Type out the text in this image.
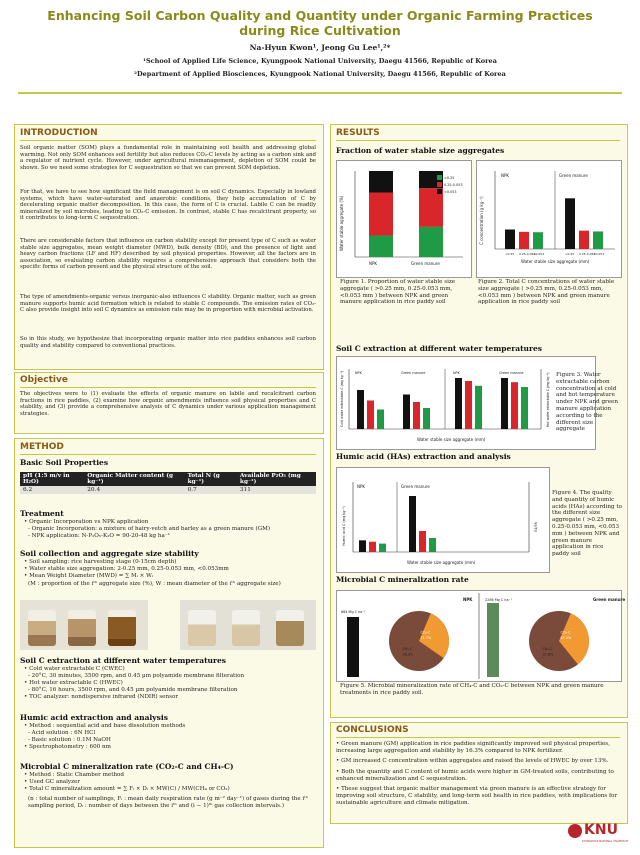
Enhancing Soil Carbon Quality and Quantity under Organic Farming Practices
during Rice Cultivation
Na-Hyun Kwon¹, Jeong Gu Lee¹,²*
¹School of Applied Life Science, Kyungpook National University, Daegu 41566, Republic of Korea
²Department of Applied Biosciences, Kyungpook National University, Daegu 41566, Republic of Korea
INTRODUCTION
Soil organic matter (SOM) plays a fundamental role in maintaining soil health and addressing global warming. Not only SOM enhances soil fertility but also reduces CO₂-C levels by acting as a carbon sink and a regulator of nutrient cycle. However, under agricultural mismanagement, depletion of SOM could be shown. So we need some strategies for C sequestration so that we can prevent SOM depletion.
For that, we have to see how significant the field management is on soil C dynamics. Especially in lowland systems, which have water-saturated and anaerobic conditions, they help accumulation of C by decelerating organic matter decomposition. In this case, the form of C is crucial. Labile C can be readily mineralized by soil microbes, leading to CO₂-C emission. In contrast, stable C has recalcitrant property, so it contributes to long-term C sequestration.
There are considerable factors that influence on carbon stability except for present type of C such as water stable size aggregates, mean weight diameter (MWD), bulk density (BD), and the presence of light and heavy carbon fractions (LF and HF) described by soil physical properties. However, all the factors are in association, so evaluating carbon stability requires a comprehensive approach that considers both the specific forms of carbon present and the physical structure of the soil.
The type of amendments-organic versus inorganic-also influences C stability. Organic matter, such as green manure supports humic acid formation which is related to stable C compounds. The emission rates of CO₂-C also provide insight into soil C dynamics as emission rate may be in proportion with microbial activation.
So in this study, we hypothesize that incorporating organic matter into rice paddies enhances soil carbon quality and stability compared to conventional practices.
Objective
The objectives were to (1) evaluate the effects of organic manure on labile and recalcitrant carbon fractions in rice paddies, (2) examine how organic amendments influence soil physical properties and C stability, and (3) provide a comprehensive analysis of C dynamics under various application management strategies.
METHOD
Basic Soil Properties
pH (1:5 m/v in H₂O)	Organic Matter content (g kg⁻¹)	Total N (g kg⁻¹)	Available P₂O₅ (mg kg⁻¹)
6.2	20.4	0.7	311
Treatment
• Organic Incorporation vs NPK application
- Organic Incorporation: a mixture of hairy-vetch and barley as a green manure (GM)
- NPK application: N-P₂O₅-K₂O = 90-20-48 kg ha⁻¹
Soil collection and aggregate size stability
• Soil sampling: rice harvesting stage (0-15cm depth)
• Water stable size aggregation: 2-0.25 mm, 0.25-0.053 mm, <0.053mm
• Mean Weight Diameter (MWD) = ∑ Mᵢ × Wᵢ
(M : proportion of the iᵗʰ aggregate size (%), W : mean diameter of the iᵗʰ aggregate size)
Soil C extraction at different water temperatures
• Cold water extractable C (CWEC)
- 20°C, 30 minutes, 3500 rpm, and 0.45 µm polyamide membrane filteration
• Hot water extractable C (HWEC)
- 80°C, 16 hours, 3500 rpm, and 0.45 µm polyamide membrane filteration
• TOC analyzer: nondispersive infrared (NDIR) sensor
Humic acid extraction and analysis
• Method : sequential acid and base dissolution methods
- Acid solution : 6N HCl
- Basic solution : 0.1M NaOH
• Spectrophotometry : 600 nm
Microbial C mineralization rate (CO₂-C and CH₄-C)
• Method : Static Chamber method
• Used GC analyzer
• Total C mineralization amount = ∑ Fᵢ × Dᵢ × MW(C) / MW(CH₄ or CO₂)
(n : total number of samplings, Fᵢ : mean daily respiration rate (g m⁻² day⁻¹) of gases during the iᵗʰ sampling period, Dᵢ : number of days between the iᵗʰ and (i − 1)ᵗʰ gas collection intervals.)
RESULTS
Fraction of water stable size aggregates
NPK	Green manure
Water stable aggregate (%)
>0.25
0.25-0.053
<0.053
NPK	Green manure
>0.25 0.25-0.053
<0.053	>0.25 0.25-0.053
<0.053
C concentration (g kg⁻¹)
Water stable size aggregate (mm)
Figure 1. Proportion of water stable size aggregate ( >0.25 mm, 0.25-0.053 mm, <0.053 mm ) between NPK and green manure application in rice paddy soil
Figure 2. Total C concentrations of water stable size aggregate ( >0.25 mm, 0.25-0.053 mm, <0.053 mm ) between NPK and green manure application in rice paddy soil
Soil C extraction at different water temperatures
NPK	Green manure	NPK	Green manure
Cold water extractable C (mg kg⁻¹)	Hot water extractable C (mg kg⁻¹)
Water stable size aggregate (mm)
Figure 3. Water extractable carbon concentration at cold and hot temperature under NPK and green manure application according to the different size aggregate
Humic acid (HAs) extraction and analysis
NPK	Green manure
Humic acid C (mg kg⁻¹)	E4/E6
Water stable size aggregate (mm)
Figure 4. The quality and quantity of humic acids (HAs) according to the different size aggregate ( >0.25 mm, 0.25-0.053 mm, <0.053 mm ) between NPK and green manure application in rice paddy soil
Microbial C mineralization rate
NPK	Green manure
684 Mg C ha⁻¹
2286 Mg C ha⁻¹
CH₄-C
28.3%
CO₂-C
71.7%
CH₄-C
32.8%
CO₂-C
67.2%
Figure 5. Microbial mineralization rate of CH₄-C and CO₂-C between NPK and green manure treatments in rice paddy soil.
CONCLUSIONS
• Green manure (GM) application in rice paddies significantly improved soil physical properties, increasing large aggregation and stability by 16.3% compared to NPK fertilizer.
• GM increased C concentration within aggregates and raised the levels of HWEC by over 13%.
• Both the quantity and C content of humic acids were higher in GM-treated soils, contributing to enhanced mineralization and C sequestration.
• These suggest that organic matter management via green manure is an effective strategy for improving soil structure, C stability, and long-term soil health in rice paddies, with implications for sustainable agriculture and climate mitigation.
KNU
KYUNGPOOK NATIONAL UNIVERSITY
